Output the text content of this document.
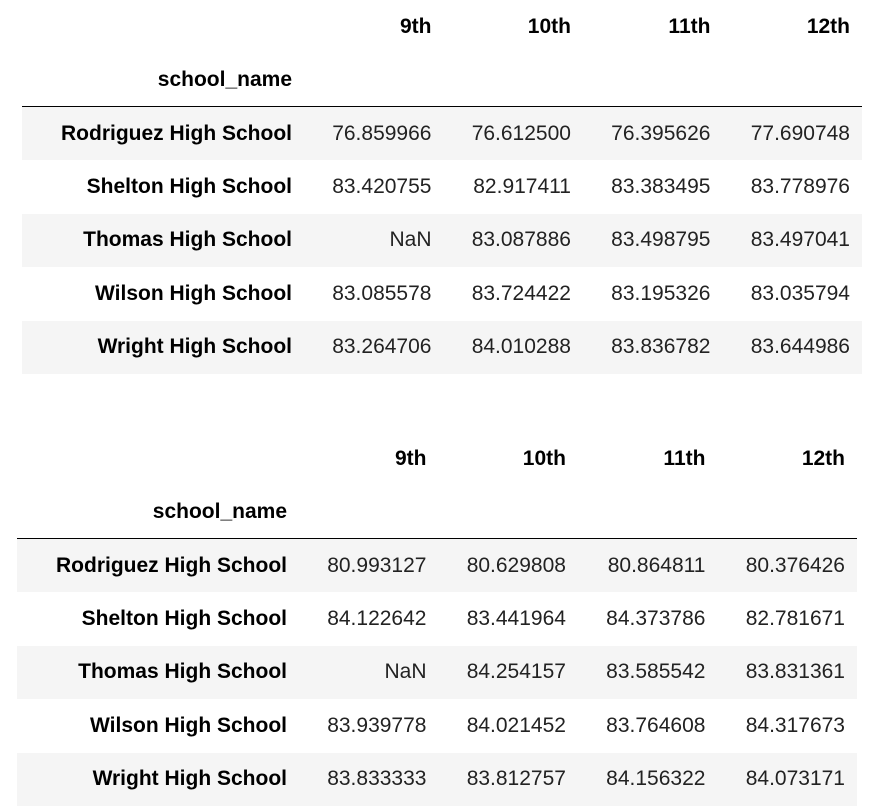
	9th	10th	11th	12th
school_name				
Rodriguez High School	76.859966	76.612500	76.395626	77.690748
Shelton High School	83.420755	82.917411	83.383495	83.778976
Thomas High School	NaN	83.087886	83.498795	83.497041
Wilson High School	83.085578	83.724422	83.195326	83.035794
Wright High School	83.264706	84.010288	83.836782	83.644986
	9th	10th	11th	12th
school_name				
Rodriguez High School	80.993127	80.629808	80.864811	80.376426
Shelton High School	84.122642	83.441964	84.373786	82.781671
Thomas High School	NaN	84.254157	83.585542	83.831361
Wilson High School	83.939778	84.021452	83.764608	84.317673
Wright High School	83.833333	83.812757	84.156322	84.073171
